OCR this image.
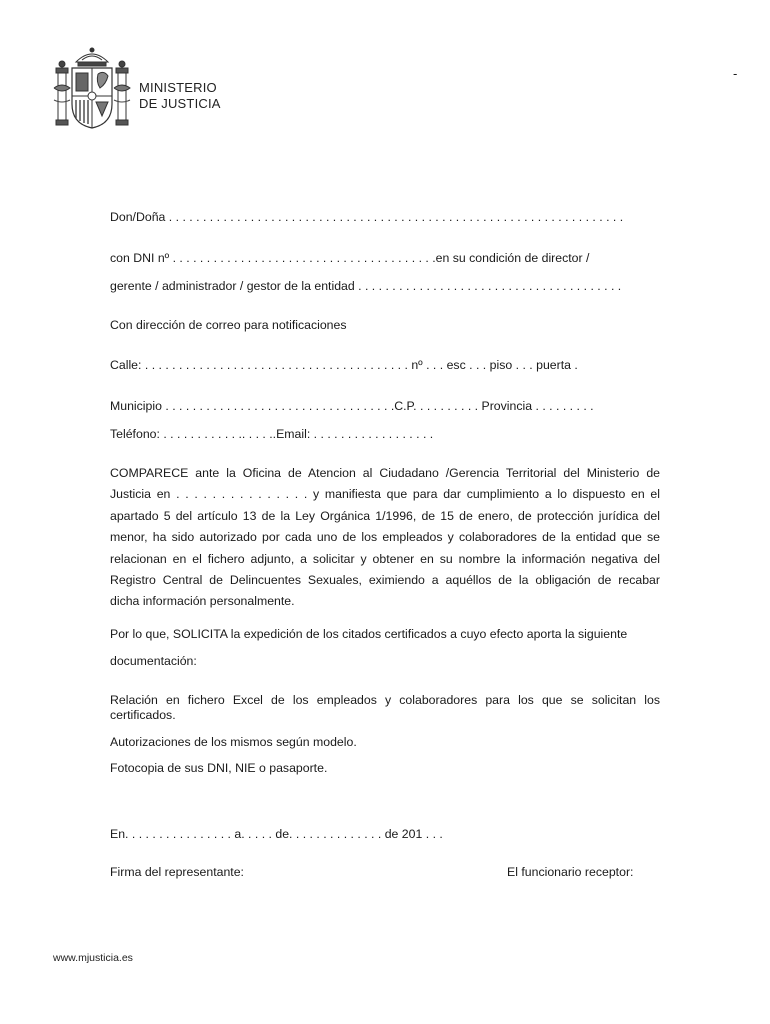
-
MINISTERIO
DE JUSTICIA
Don/Doña . . . . . . . . . . . . . . . . . . . . . . . . . . . . . . . . . . . . . . . . . . . . . . . . . . . . . . . . . . . . . . . . . . .
con DNI nº . . . . . . . . . . . . . . . . . . . . . . . . . . . . . . . . . . . . . . .en su condición de director /
gerente / administrador / gestor de la entidad . . . . . . . . . . . . . . . . . . . . . . . . . . . . . . . . . . . . . . .
Con dirección de correo para notificaciones
Calle: . . . . . . . . . . . . . . . . . . . . . . . . . . . . . . . . . . . . . . . nº . . . esc . . . piso . . . puerta .
Municipio . . . . . . . . . . . . . . . . . . . . . . . . . . . . . . . . . .C.P. . . . . . . . . . Provincia . . . . . . . . .
Teléfono: . . . . . . . . . . . .. . . . ..Email: . . . . . . . . . . . . . . . . . .
COMPARECE ante la Oficina de Atencion al Ciudadano /Gerencia Territorial del Ministerio de
Justicia en . . . . . . . . . . . . . . . y manifiesta que para dar cumplimiento a lo dispuesto en el
apartado 5 del artículo 13 de la Ley Orgánica 1/1996, de 15 de enero, de protección jurídica del
menor, ha sido autorizado por cada uno de los empleados y colaboradores de la entidad que se
relacionan en el fichero adjunto, a solicitar y obtener en su nombre la información negativa del
Registro Central de Delincuentes Sexuales, eximiendo a aquéllos de la obligación de recabar
dicha información personalmente.
Por lo que, SOLICITA la expedición de los citados certificados a cuyo efecto aporta la siguiente
documentación:
Relación en fichero Excel de los empleados y colaboradores para los que se solicitan los
certificados.
Autorizaciones de los mismos según modelo.
Fotocopia de sus DNI, NIE o pasaporte.
En. . . . . . . . . . . . . . . . a. . . . . de. . . . . . . . . . . . . . de 201 . . .
Firma del representante:	El funcionario receptor:
www.mjusticia.es
